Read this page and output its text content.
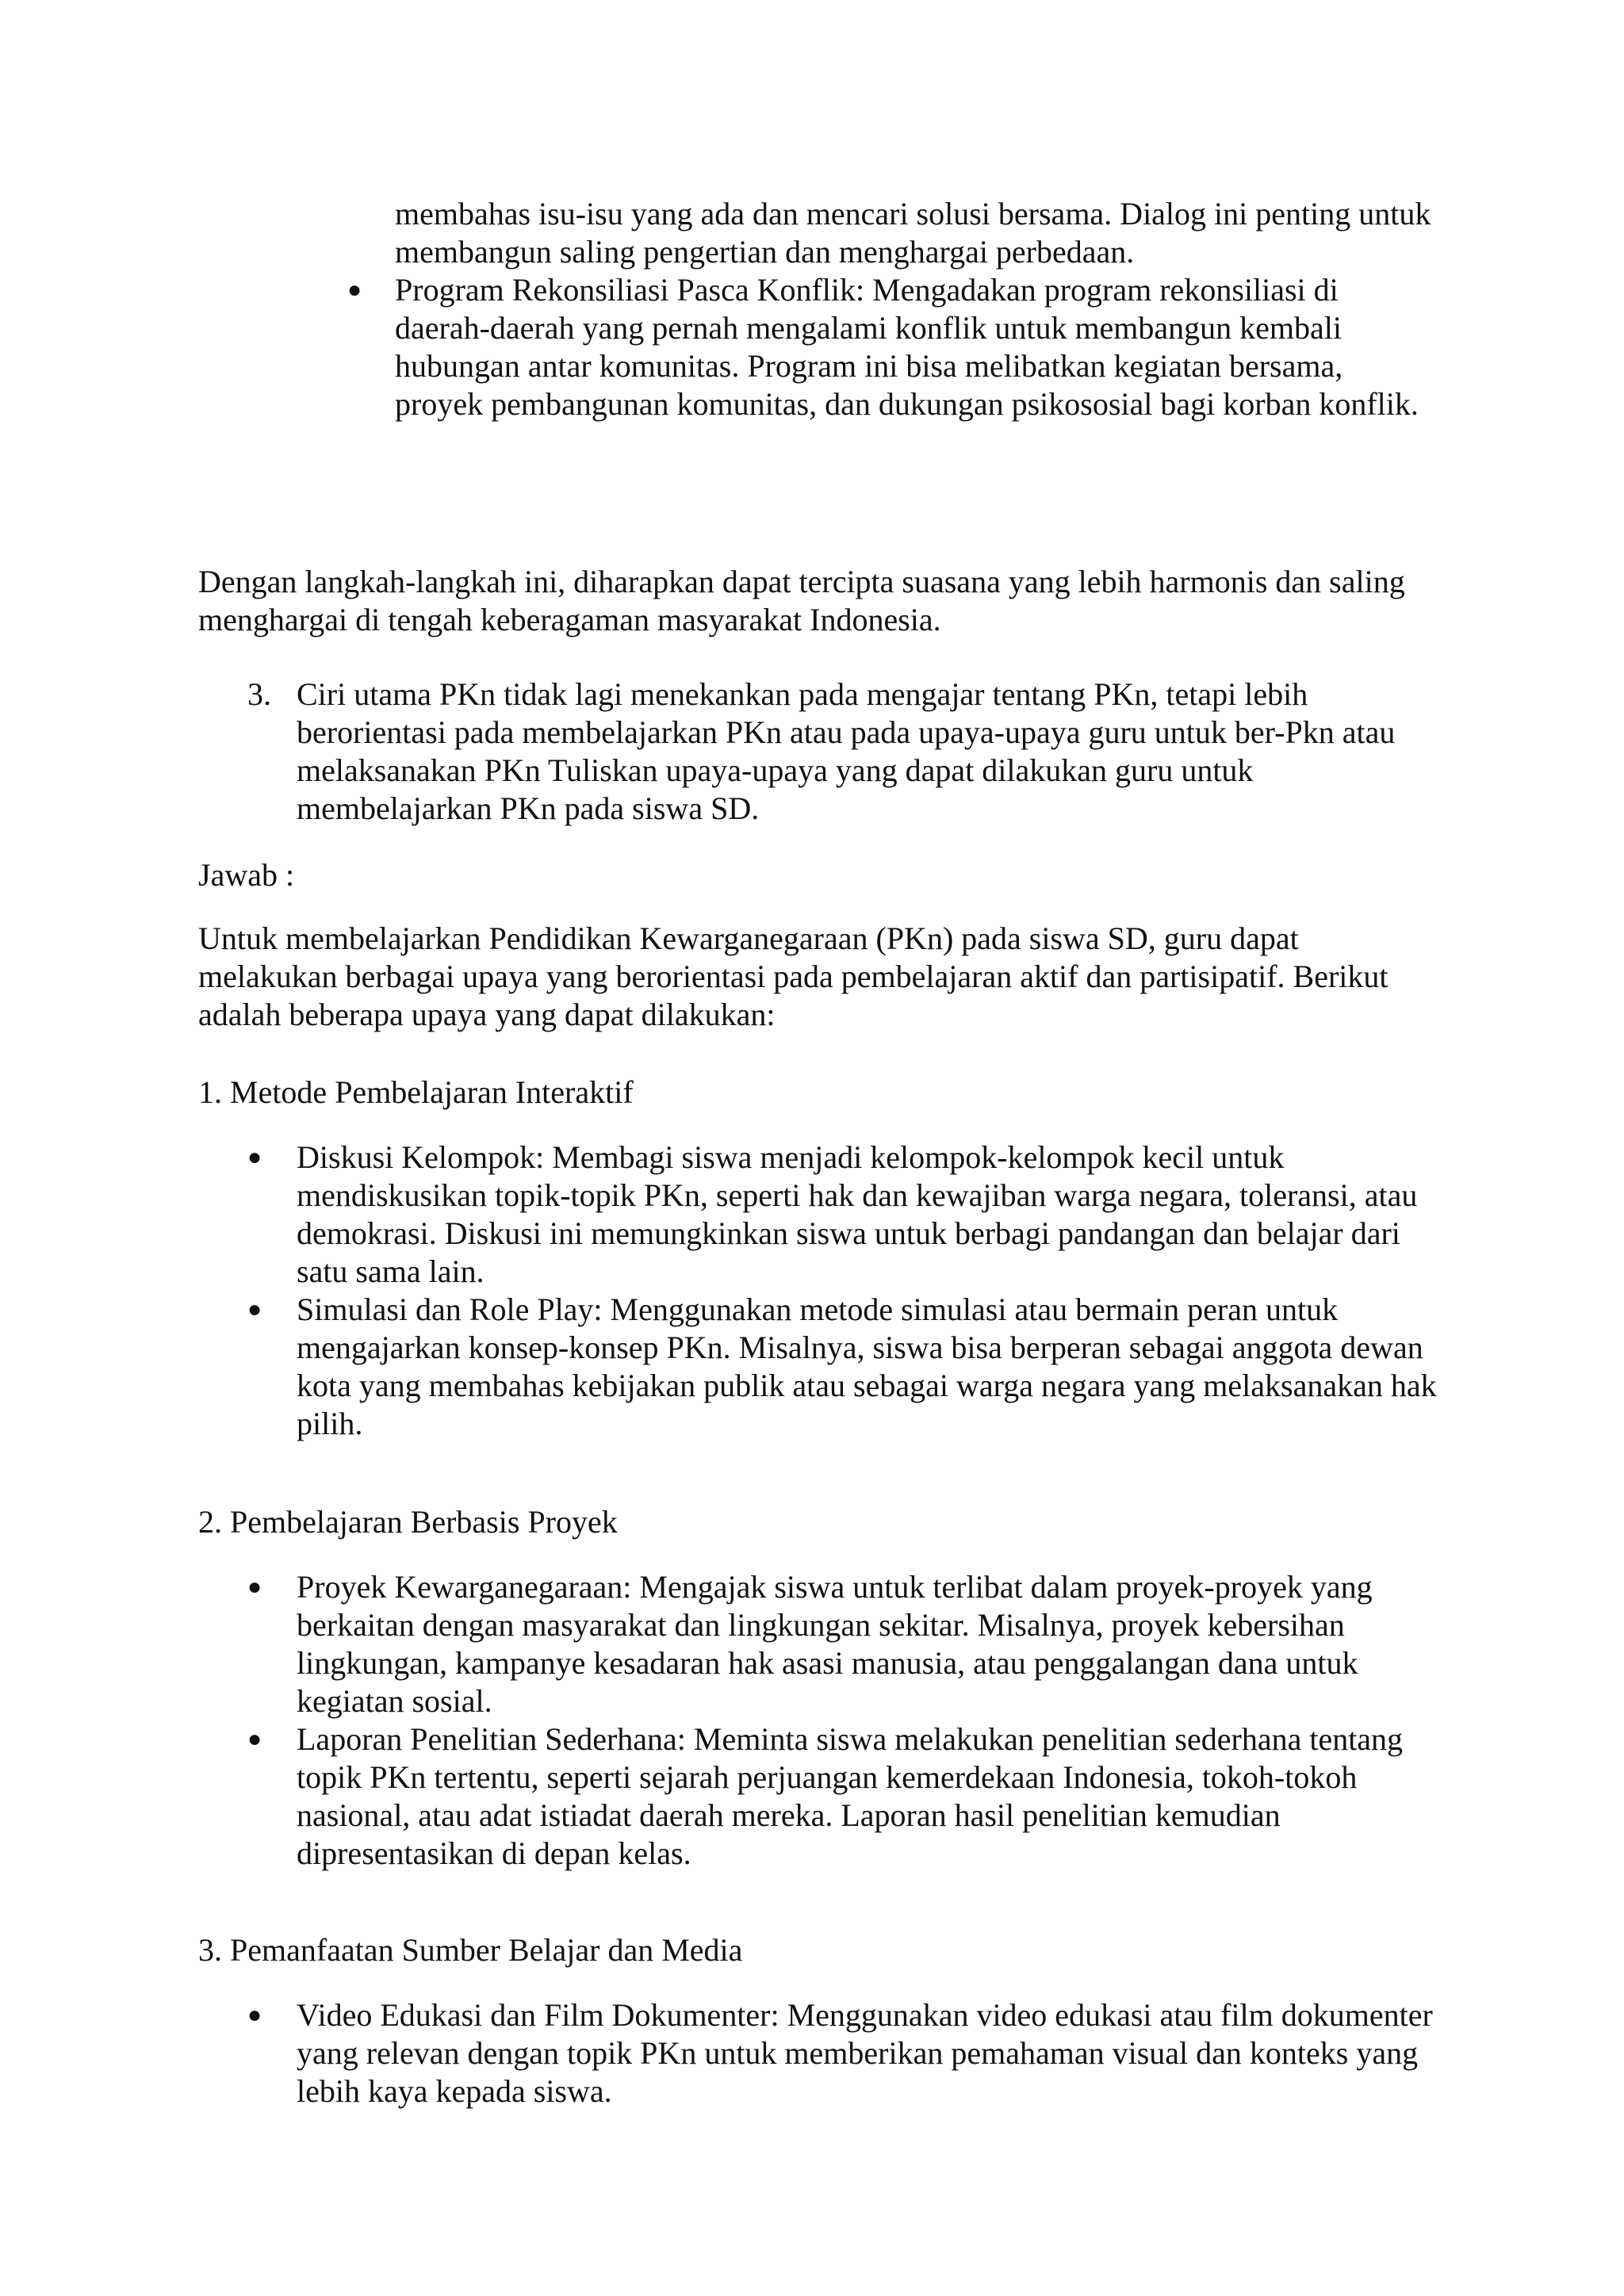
membahas isu-isu yang ada dan mencari solusi bersama. Dialog ini penting untuk membangun saling pengertian dan menghargai perbedaan.

● Program Rekonsiliasi Pasca Konflik: Mengadakan program rekonsiliasi di daerah-daerah yang pernah mengalami konflik untuk membangun kembali hubungan antar komunitas. Program ini bisa melibatkan kegiatan bersama, proyek pembangunan komunitas, dan dukungan psikososial bagi korban konflik.

Dengan langkah-langkah ini, diharapkan dapat tercipta suasana yang lebih harmonis dan saling menghargai di tengah keberagaman masyarakat Indonesia.

3. Ciri utama PKn tidak lagi menekankan pada mengajar tentang PKn, tetapi lebih berorientasi pada membelajarkan PKn atau pada upaya-upaya guru untuk ber-Pkn atau melaksanakan PKn Tuliskan upaya-upaya yang dapat dilakukan guru untuk membelajarkan PKn pada siswa SD.

Jawab :

Untuk membelajarkan Pendidikan Kewarganegaraan (PKn) pada siswa SD, guru dapat melakukan berbagai upaya yang berorientasi pada pembelajaran aktif dan partisipatif. Berikut adalah beberapa upaya yang dapat dilakukan:

1. Metode Pembelajaran Interaktif

● Diskusi Kelompok: Membagi siswa menjadi kelompok-kelompok kecil untuk mendiskusikan topik-topik PKn, seperti hak dan kewajiban warga negara, toleransi, atau demokrasi. Diskusi ini memungkinkan siswa untuk berbagi pandangan dan belajar dari satu sama lain.

● Simulasi dan Role Play: Menggunakan metode simulasi atau bermain peran untuk mengajarkan konsep-konsep PKn. Misalnya, siswa bisa berperan sebagai anggota dewan kota yang membahas kebijakan publik atau sebagai warga negara yang melaksanakan hak pilih.

2. Pembelajaran Berbasis Proyek

● Proyek Kewarganegaraan: Mengajak siswa untuk terlibat dalam proyek-proyek yang berkaitan dengan masyarakat dan lingkungan sekitar. Misalnya, proyek kebersihan lingkungan, kampanye kesadaran hak asasi manusia, atau penggalangan dana untuk kegiatan sosial.

● Laporan Penelitian Sederhana: Meminta siswa melakukan penelitian sederhana tentang topik PKn tertentu, seperti sejarah perjuangan kemerdekaan Indonesia, tokoh-tokoh nasional, atau adat istiadat daerah mereka. Laporan hasil penelitian kemudian dipresentasikan di depan kelas.

3. Pemanfaatan Sumber Belajar dan Media

● Video Edukasi dan Film Dokumenter: Menggunakan video edukasi atau film dokumenter yang relevan dengan topik PKn untuk memberikan pemahaman visual dan konteks yang lebih kaya kepada siswa.
